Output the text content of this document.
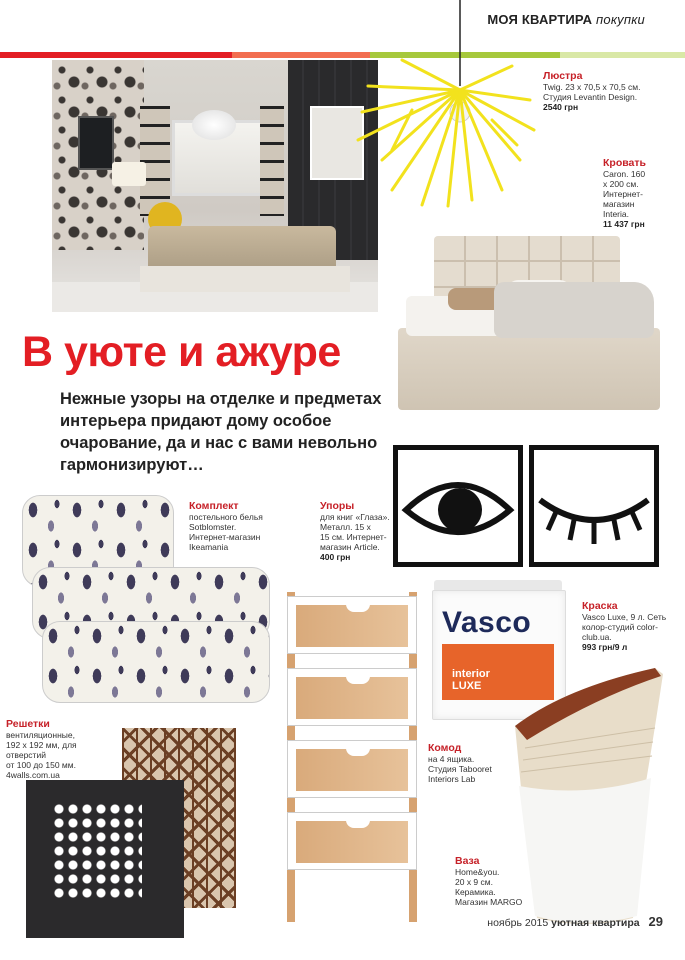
МОЯ КВАРТИРА покупки
Люстра
Twig. 23 x 70,5 x 70,5 см.
Студия Levantin Design.
2540 грн
Кровать
Caron. 160
x 200 см.
Интернет-
магазин
Interia.
11 437 грн
В уюте и ажуре
Нежные узоры на отделке и предметах интерьера придают дому особое очарование, да и нас с вами невольно гармонизируют…
Комплект
постельного белья
Sotblomster.
Интернет-магазин
Ikeamania
Упоры
для книг «Глаза».
Металл. 15 х
15 см. Интернет-
магазин Article.
400 грн
Vasco
interior
LUXE
Краска
Vasco Luxe, 9 л. Сеть
колор-студий color-
club.ua.
993 грн/9 л
Комод
на 4 ящика.
Студия Tabooret
Interiors Lab
Решетки
вентиляционные,
192 x 192 мм, для
отверстий
от 100 до 150 мм.
4walls.com.ua
Ваза
Home&you.
20 х 9 см.
Керамика.
Магазин MARGO
ноябрь 2015 уютная квартира 29
